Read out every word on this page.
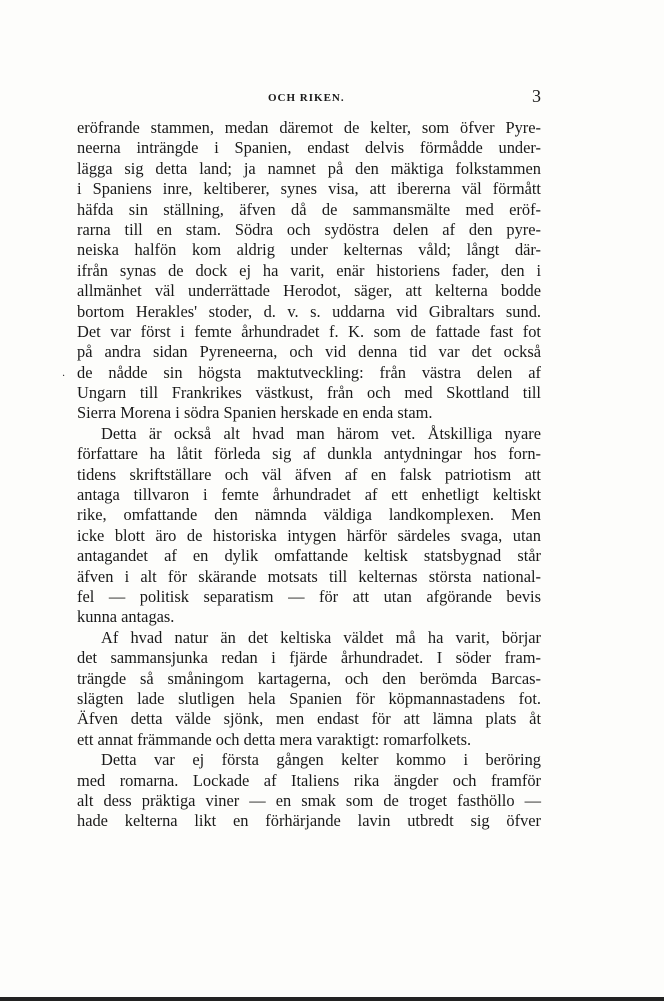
OCH RIKEN.	3
.
eröfrande stammen, medan däremot de kelter, som öfver Pyre-
neerna inträngde i Spanien, endast delvis förmådde under-
lägga sig detta land; ja namnet på den mäktiga folkstammen
i Spaniens inre, keltiberer, synes visa, att ibererna väl förmått
häfda sin ställning, äfven då de sammansmälte med eröf-
rarna till en stam. Södra och sydöstra delen af den pyre-
neiska halfön kom aldrig under kelternas våld; långt där-
ifrån synas de dock ej ha varit, enär historiens fader, den i
allmänhet väl underrättade Herodot, säger, att kelterna bodde
bortom Herakles' stoder, d. v. s. uddarna vid Gibraltars sund.
Det var först i femte århundradet f. K. som de fattade fast fot
på andra sidan Pyreneerna, och vid denna tid var det också
de nådde sin högsta maktutveckling: från västra delen af
Ungarn till Frankrikes västkust, från och med Skottland till
Sierra Morena i södra Spanien herskade en enda stam.
Detta är också alt hvad man härom vet. Åtskilliga nyare
författare ha låtit förleda sig af dunkla antydningar hos forn-
tidens skriftställare och väl äfven af en falsk patriotism att
antaga tillvaron i femte århundradet af ett enhetligt keltiskt
rike, omfattande den nämnda väldiga landkomplexen. Men
icke blott äro de historiska intygen härför särdeles svaga, utan
antagandet af en dylik omfattande keltisk statsbygnad står
äfven i alt för skärande motsats till kelternas största national-
fel — politisk separatism — för att utan afgörande bevis
kunna antagas.
Af hvad natur än det keltiska väldet må ha varit, börjar
det sammansjunka redan i fjärde århundradet. I söder fram-
trängde så småningom kartagerna, och den berömda Barcas-
slägten lade slutligen hela Spanien för köpmannastadens fot.
Äfven detta välde sjönk, men endast för att lämna plats åt
ett annat främmande och detta mera varaktigt: romarfolkets.
Detta var ej första gången kelter kommo i beröring
med romarna. Lockade af Italiens rika ängder och framför
alt dess präktiga viner — en smak som de troget fasthöllo —
hade kelterna likt en förhärjande lavin utbredt sig öfver
